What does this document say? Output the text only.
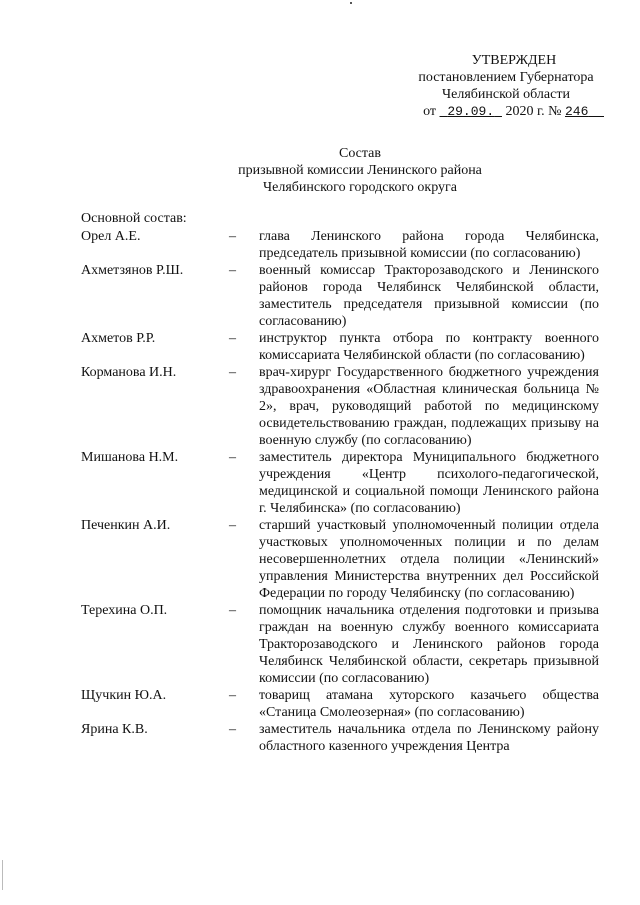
УТВЕРЖДЕН
постановлением Губернатора
Челябинской области
от 29.09. 2020 г. № 246
Состав
призывной комиссии Ленинского района
Челябинского городского округа
Основной состав:
Орел А.Е.	–	глава Ленинского района города Челябинска, председатель призывной комиссии (по согласованию)
Ахметзянов Р.Ш.	–	военный комиссар Тракторозаводского и Ленинского районов города Челябинск Челябинской области, заместитель председателя призывной комиссии (по согласованию)
Ахметов Р.Р.	–	инструктор пункта отбора по контракту военного комиссариата Челябинской области (по согласованию)
Корманова И.Н.	–	врач-хирург Государственного бюджетного учреждения здравоохранения «Областная клиническая больница № 2», врач, руководящий работой по медицинскому освидетельствованию граждан, подлежащих призыву на военную службу (по согласованию)
Мишанова Н.М.	–	заместитель директора Муниципального бюджетного учреждения «Центр психолого-педагогической, медицинской и социальной помощи Ленинского района г. Челябинска» (по согласованию)
Печенкин А.И.	–	старший участковый уполномоченный полиции отдела участковых уполномоченных полиции и по делам несовершеннолетних отдела полиции «Ленинский» управления Министерства внутренних дел Российской Федерации по городу Челябинску (по согласованию)
Терехина О.П.	–	помощник начальника отделения подготовки и призыва граждан на военную службу военного комиссариата Тракторозаводского и Ленинского районов города Челябинск Челябинской области, секретарь призывной комиссии (по согласованию)
Щучкин Ю.А.	–	товарищ атамана хуторского казачьего общества «Станица Смолеозерная» (по согласованию)
Ярина К.В.	–	заместитель начальника отдела по Ленинскому району областного казенного учреждения Центра
